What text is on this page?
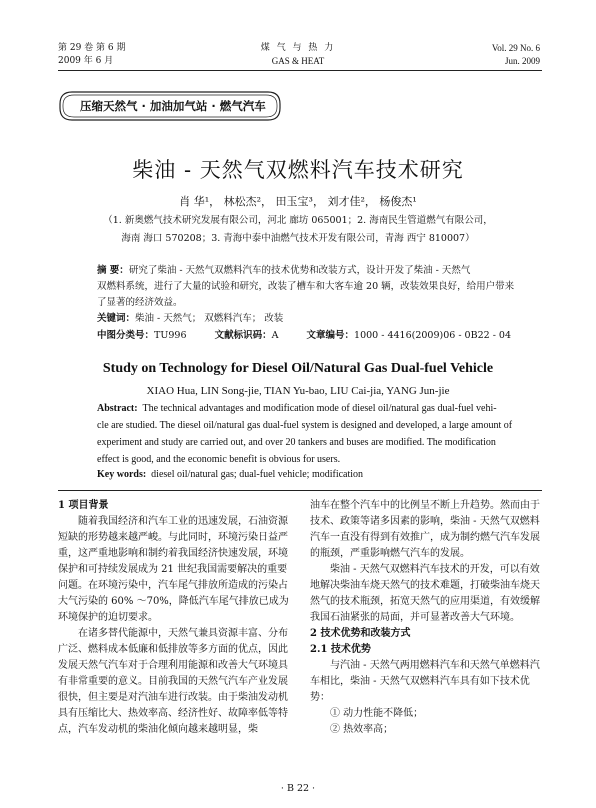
第 29 卷 第 6 期
2009 年 6 月
煤 气 与 热 力
GAS & HEAT
Vol. 29 No. 6
Jun. 2009
压缩天然气 · 加油加气站 · 燃气汽车
柴油 - 天然气双燃料汽车技术研究
肖 华¹， 林松杰²， 田玉宝³， 刘才佳²， 杨俊杰¹
（1. 新奥燃气技术研究发展有限公司，河北 廊坊 065001；2. 海南民生管道燃气有限公司，
海南 海口 570208；3. 青海中泰中油燃气技术开发有限公司，青海 西宁 810007）
摘 要：研究了柴油 - 天然气双燃料汽车的技术优势和改装方式，设计开发了柴油 - 天然气
双燃料系统，进行了大量的试验和研究，改装了槽车和大客车逾 20 辆，改装效果良好，给用户带来
了显著的经济效益。
关键词：柴油 - 天然气； 双燃料汽车； 改装
中图分类号：TU996	文献标识码：A	文章编号：1000 - 4416(2009)06 - 0B22 - 04
Study on Technology for Diesel Oil/Natural Gas Dual-fuel Vehicle
XIAO Hua, LIN Song-jie, TIAN Yu-bao, LIU Cai-jia, YANG Jun-jie
Abstract: The technical advantages and modification mode of diesel oil/natural gas dual-fuel vehi-
cle are studied. The diesel oil/natural gas dual-fuel system is designed and developed, a large amount of
experiment and study are carried out, and over 20 tankers and buses are modified. The modification
effect is good, and the economic benefit is obvious for users.
Key words: diesel oil/natural gas; dual-fuel vehicle; modification

1 项目背景

随着我国经济和汽车工业的迅速发展，石油资源短缺的形势越来越严峻。与此同时，环境污染日益严重，这严重地影响和制约着我国经济快速发展，环境保护和可持续发展成为 21 世纪我国需要解决的重要问题。在环境污染中，汽车尾气排放所造成的污染占大气污染的 60% ～70%，降低汽车尾气排放已成为环境保护的迫切要求。

在诸多替代能源中，天然气兼具资源丰富、分布广泛、燃料成本低廉和低排放等多方面的优点，因此发展天然气汽车对于合理利用能源和改善大气环境具有非常重要的意义。目前我国的天然气汽车产业发展很快，但主要是对汽油车进行改装。由于柴油发动机具有压缩比大、热效率高、经济性好、故障率低等特点，汽车发动机的柴油化倾向越来越明显，柴

油车在整个汽车中的比例呈不断上升趋势。然而由于技术、政策等诸多因素的影响，柴油 - 天然气双燃料汽车一直没有得到有效推广，成为制约燃气汽车发展的瓶颈，严重影响燃气汽车的发展。

柴油 - 天然气双燃料汽车技术的开发，可以有效地解决柴油车烧天然气的技术难题，打破柴油车烧天然气的技术瓶颈，拓宽天然气的应用渠道，有效缓解我国石油紧张的局面，并可显著改善大气环境。

2 技术优势和改装方式

2.1 技术优势

与汽油 - 天然气两用燃料汽车和天然气单燃料汽车相比，柴油 - 天然气双燃料汽车具有如下技术优势：

① 动力性能不降低；

② 热效率高；

· B 22 ·
